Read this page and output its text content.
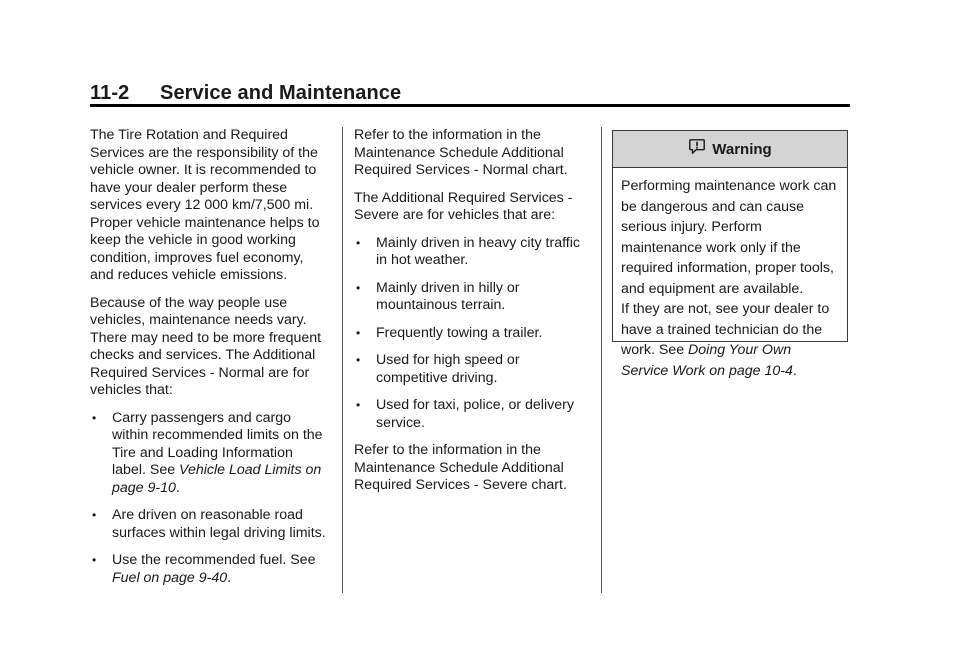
11-2 Service and Maintenance

The Tire Rotation and Required Services are the responsibility of the vehicle owner. It is recommended to have your dealer perform these services every 12 000 km/7,500 mi. Proper vehicle maintenance helps to keep the vehicle in good working condition, improves fuel economy, and reduces vehicle emissions.

Because of the way people use vehicles, maintenance needs vary. There may need to be more frequent checks and services. The Additional Required Services - Normal are for vehicles that:

• Carry passengers and cargo within recommended limits on the Tire and Loading Information label. See Vehicle Load Limits on page 9-10.
• Are driven on reasonable road surfaces within legal driving limits.
• Use the recommended fuel. See Fuel on page 9-40.

Refer to the information in the Maintenance Schedule Additional Required Services - Normal chart.

The Additional Required Services - Severe are for vehicles that are:

• Mainly driven in heavy city traffic in hot weather.
• Mainly driven in hilly or mountainous terrain.
• Frequently towing a trailer.
• Used for high speed or competitive driving.
• Used for taxi, police, or delivery service.

Refer to the information in the Maintenance Schedule Additional Required Services - Severe chart.

Warning

Performing maintenance work can be dangerous and can cause serious injury. Perform maintenance work only if the required information, proper tools, and equipment are available.

If they are not, see your dealer to have a trained technician do the work. See Doing Your Own Service Work on page 10-4.
